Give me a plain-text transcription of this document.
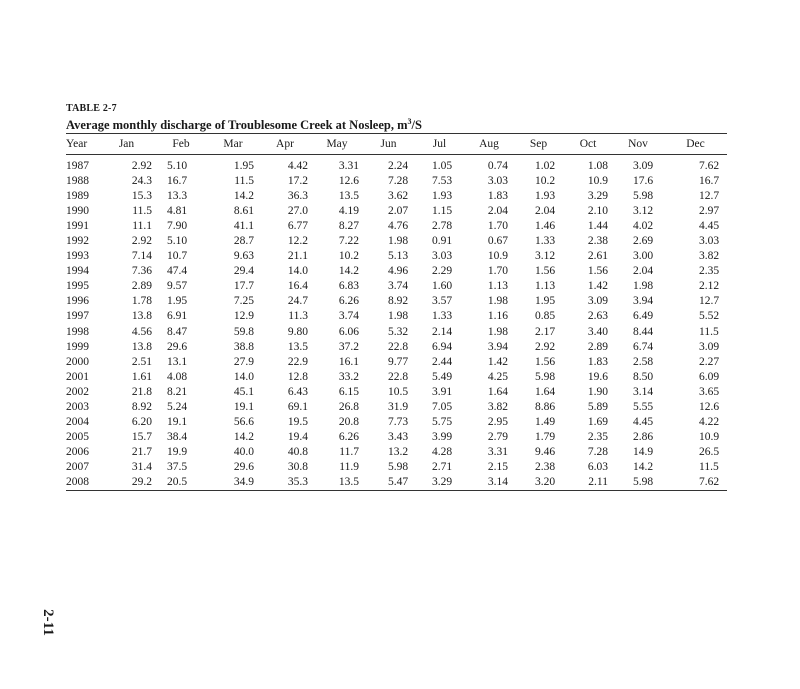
TABLE 2-7
Average monthly discharge of Troublesome Creek at Nosleep, $m^3/S$
Year	Jan	Feb	Mar	Apr	May	Jun	Jul	Aug	Sep	Oct	Nov	Dec
1987	2.92	5.10	1.95	4.42	3.31	2.24	1.05	0.74	1.02	1.08	3.09	7.62
1988	24.3	16.7	11.5	17.2	12.6	7.28	7.53	3.03	10.2	10.9	17.6	16.7
1989	15.3	13.3	14.2	36.3	13.5	3.62	1.93	1.83	1.93	3.29	5.98	12.7
1990	11.5	4.81	8.61	27.0	4.19	2.07	1.15	2.04	2.04	2.10	3.12	2.97
1991	11.1	7.90	41.1	6.77	8.27	4.76	2.78	1.70	1.46	1.44	4.02	4.45
1992	2.92	5.10	28.7	12.2	7.22	1.98	0.91	0.67	1.33	2.38	2.69	3.03
1993	7.14	10.7	9.63	21.1	10.2	5.13	3.03	10.9	3.12	2.61	3.00	3.82
1994	7.36	47.4	29.4	14.0	14.2	4.96	2.29	1.70	1.56	1.56	2.04	2.35
1995	2.89	9.57	17.7	16.4	6.83	3.74	1.60	1.13	1.13	1.42	1.98	2.12
1996	1.78	1.95	7.25	24.7	6.26	8.92	3.57	1.98	1.95	3.09	3.94	12.7
1997	13.8	6.91	12.9	11.3	3.74	1.98	1.33	1.16	0.85	2.63	6.49	5.52
1998	4.56	8.47	59.8	9.80	6.06	5.32	2.14	1.98	2.17	3.40	8.44	11.5
1999	13.8	29.6	38.8	13.5	37.2	22.8	6.94	3.94	2.92	2.89	6.74	3.09
2000	2.51	13.1	27.9	22.9	16.1	9.77	2.44	1.42	1.56	1.83	2.58	2.27
2001	1.61	4.08	14.0	12.8	33.2	22.8	5.49	4.25	5.98	19.6	8.50	6.09
2002	21.8	8.21	45.1	6.43	6.15	10.5	3.91	1.64	1.64	1.90	3.14	3.65
2003	8.92	5.24	19.1	69.1	26.8	31.9	7.05	3.82	8.86	5.89	5.55	12.6
2004	6.20	19.1	56.6	19.5	20.8	7.73	5.75	2.95	1.49	1.69	4.45	4.22
2005	15.7	38.4	14.2	19.4	6.26	3.43	3.99	2.79	1.79	2.35	2.86	10.9
2006	21.7	19.9	40.0	40.8	11.7	13.2	4.28	3.31	9.46	7.28	14.9	26.5
2007	31.4	37.5	29.6	30.8	11.9	5.98	2.71	2.15	2.38	6.03	14.2	11.5
2008	29.2	20.5	34.9	35.3	13.5	5.47	3.29	3.14	3.20	2.11	5.98	7.62
2-11
